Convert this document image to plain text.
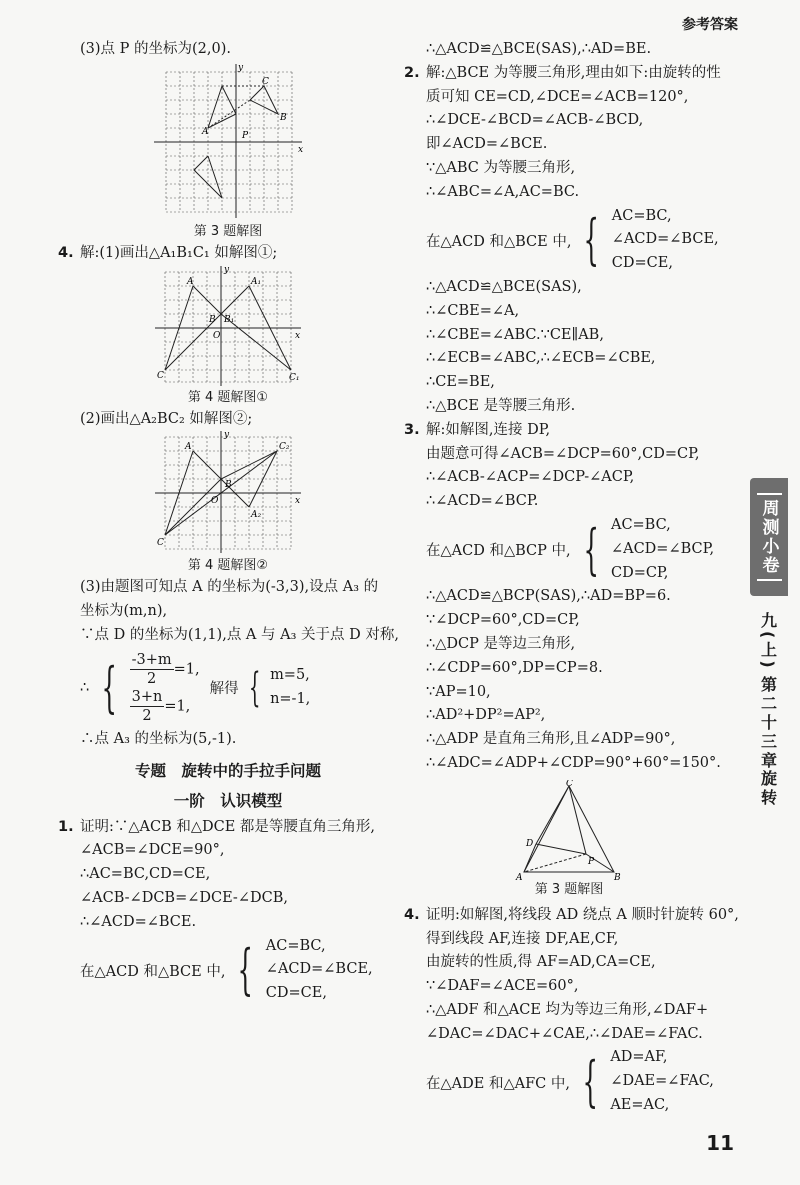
参考答案
(3)点 P 的坐标为(2,0).
y
x
C
B
A	P
第 3 题解图
4. 解:(1)画出△A₁B₁C₁ 如解图①;
A	A₁
B B₁
O
C	C₁
y
x
第 4 题解图①
(2)画出△A₂BC₂ 如解图②;
A
A₂
O
B
C
C₂
y
x
第 4 题解图②
(3)由题图可知点 A 的坐标为(-3,3),设点 A₃ 的
坐标为(m,n),
∵点 D 的坐标为(1,1),点 A 与 A₃ 关于点 D 对称,
∴ { $\frac{-3+m}{2} =1$,
$\frac{3+n}{2} =1$,
解得 { m=5,
n=-1,
∴点 A₃ 的坐标为(5,-1).
专题　旋转中的手拉手问题
一阶　认识模型
1. 证明:∵△ACB 和△DCE 都是等腰直角三角形,
∠ACB=∠DCE=90°,
∴AC=BC,CD=CE,
∠ACB-∠DCB=∠DCE-∠DCB,
∴∠ACD=∠BCE.
在△ACD 和△BCE 中, { AC=BC,
∠ACD=∠BCE,
CD=CE,
∴△ACD≌△BCE(SAS),∴AD=BE.
2. 解:△BCE 为等腰三角形,理由如下:由旋转的性
质可知 CE=CD,∠DCE=∠ACB=120°,
∴∠DCE-∠BCD=∠ACB-∠BCD,
即∠ACD=∠BCE.
∵△ABC 为等腰三角形,
∴∠ABC=∠A,AC=BC.
在△ACD 和△BCE 中, { AC=BC,
∠ACD=∠BCE,
CD=CE,
∴△ACD≌△BCE(SAS),
∴∠CBE=∠A,
∴∠CBE=∠ABC.∵CE∥AB,
∴∠ECB=∠ABC,∴∠ECB=∠CBE,
∴CE=BE,
∴△BCE 是等腰三角形.
3. 解:如解图,连接 DP,
由题意可得∠ACB=∠DCP=60°,CD=CP,
∴∠ACB-∠ACP=∠DCP-∠ACP,
∴∠ACD=∠BCP.
在△ACD 和△BCP 中, { AC=BC,
∠ACD=∠BCP,
CD=CP,
∴△ACD≌△BCP(SAS),∴AD=BP=6.
∵∠DCP=60°,CD=CP,
∴△DCP 是等边三角形,
∴∠CDP=60°,DP=CP=8.
∵AP=10,
∴AD²+DP²=AP²,
∴△ADP 是直角三角形,且∠ADP=90°,
∴∠ADC=∠ADP+∠CDP=90°+60°=150°.
C
D
P
A	B
第 3 题解图
4. 证明:如解图,将线段 AD 绕点 A 顺时针旋转 60°,
得到线段 AF,连接 DF,AE,CF,
由旋转的性质,得 AF=AD,CA=CE,
∵∠DAF=∠ACE=60°,
∴△ADF 和△ACE 均为等边三角形,∠DAF+
∠DAC=∠DAC+∠CAE,∴∠DAE=∠FAC.
在△ADE 和△AFC 中, { AD=AF,
∠DAE=∠FAC,
AE=AC,
周测小卷
九(上)
第二十三章
旋转
11
